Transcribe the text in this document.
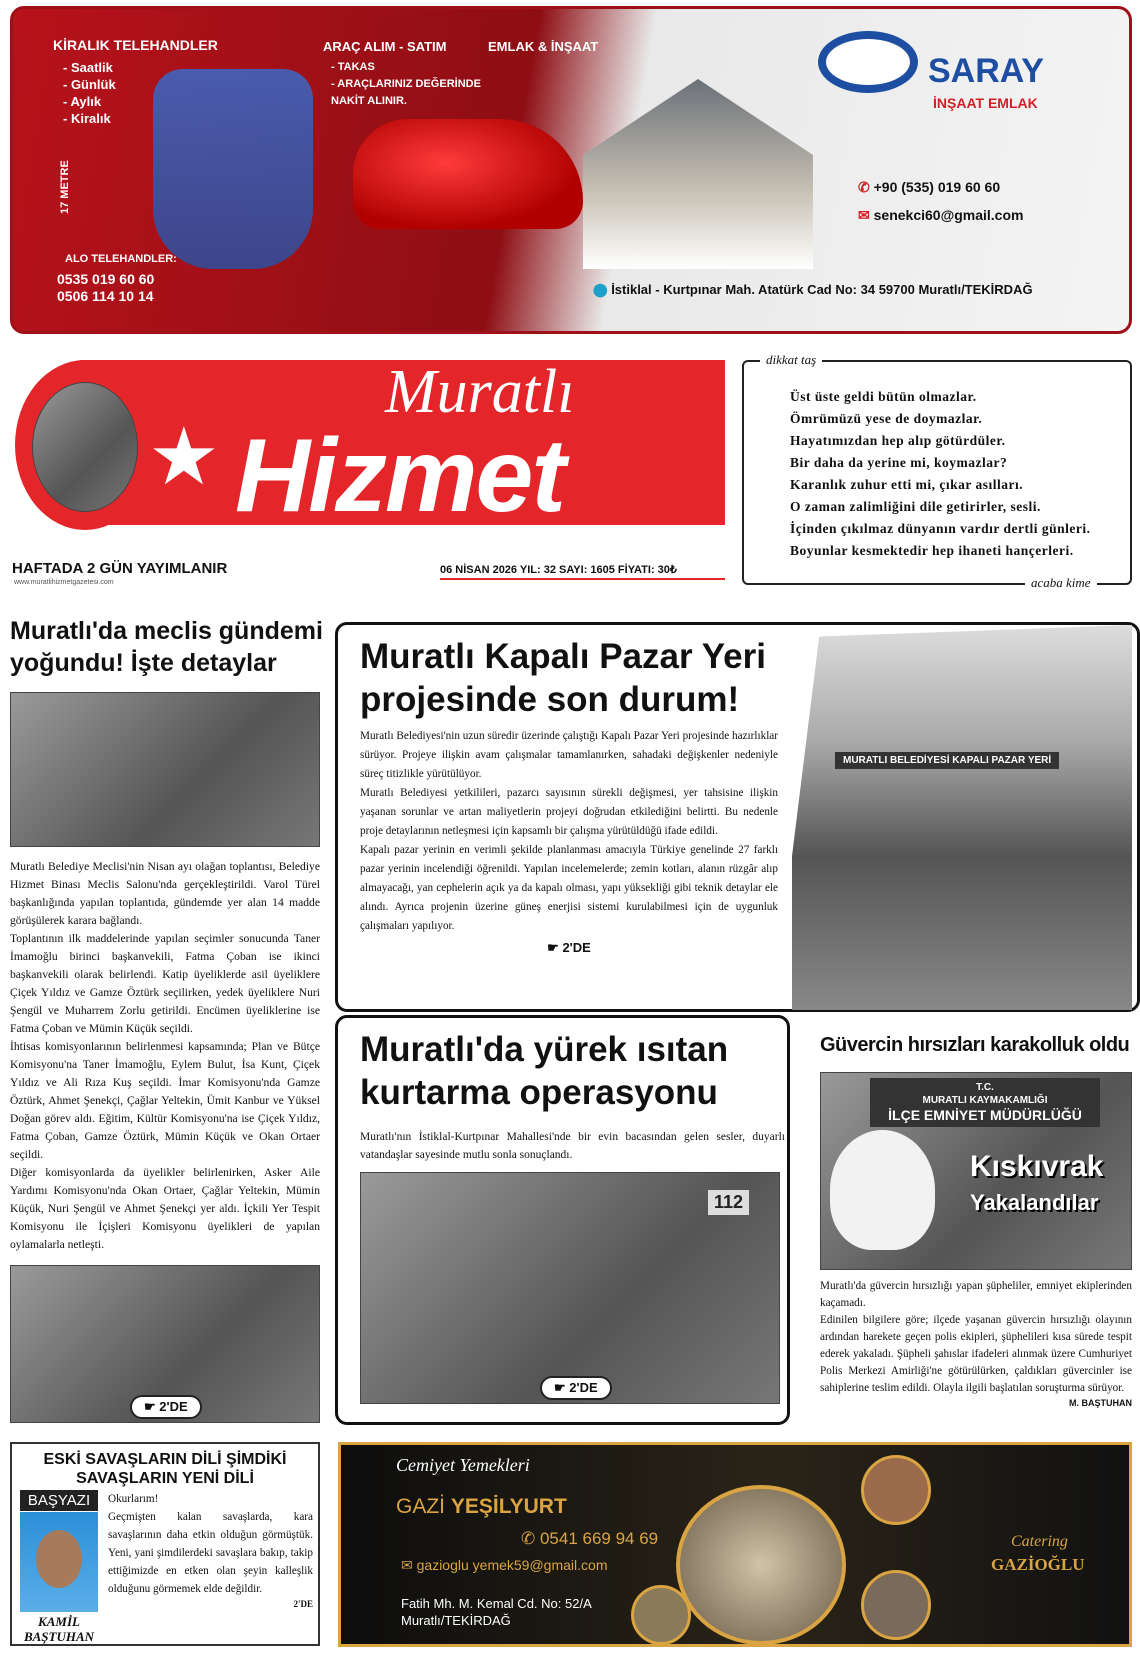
KİRALIK TELEHANDLER
- Saatlik
- Günlük
- Aylık
- Kiralık
17 METRE
ALO TELEHANDLER:
0535 019 60 60
0506 114 10 14
ARAÇ ALIM - SATIM
- TAKAS
- ARAÇLARINIZ DEĞERİNDE
NAKİT ALINIR.
EMLAK & İNŞAAT
SARAY
İNŞAAT EMLAK
✆ +90 (535) 019 60 60
✉ senekci60@gmail.com
⬤ İstiklal - Kurtpınar Mah. Atatürk Cad No: 34 59700 Muratlı/TEKİRDAĞ
★
Muratlı
Hizmet
HAFTADA 2 GÜN YAYIMLANIR
www.muratlihizmetgazetesi.com
06 NİSAN 2026 YIL: 32 SAYI: 1605 FİYATI: 30₺
dikkat taş
Üst üste geldi bütün olmazlar.
Ömrümüzü yese de doymazlar.
Hayatımızdan hep alıp götürdüler.
Bir daha da yerine mi, koymazlar?
Karanlık zuhur etti mi, çıkar asılları.
O zaman zalimliğini dile getirirler, sesli.
İçinden çıkılmaz dünyanın vardır dertli günleri.
Boyunlar kesmektedir hep ihaneti hançerleri.
acaba kime
Muratlı'da meclis gündemi yoğundu! İşte detaylar

Muratlı Belediye Meclisi'nin Nisan ayı olağan toplantısı, Belediye Hizmet Binası Meclis Salonu'nda gerçekleştirildi. Varol Türel başkanlığında yapılan toplantıda, gündemde yer alan 14 madde görüşülerek karara bağlandı.

Toplantının ilk maddelerinde yapılan seçimler sonucunda Taner İmamoğlu birinci başkanvekili, Fatma Çoban ise ikinci başkanvekili olarak belirlendi. Katip üyeliklerde asil üyeliklere Çiçek Yıldız ve Gamze Öztürk seçilirken, yedek üyeliklere Nuri Şengül ve Muharrem Zorlu getirildi. Encümen üyeliklerine ise Fatma Çoban ve Mümin Küçük seçildi.

İhtisas komisyonlarının belirlenmesi kapsamında; Plan ve Bütçe Komisyonu'na Taner İmamoğlu, Eylem Bulut, İsa Kunt, Çiçek Yıldız ve Ali Rıza Kuş seçildi. İmar Komisyonu'nda Gamze Öztürk, Ahmet Şenekçi, Çağlar Yeltekin, Ümit Kanbur ve Yüksel Doğan görev aldı. Eğitim, Kültür Komisyonu'na ise Çiçek Yıldız, Fatma Çoban, Gamze Öztürk, Mümin Küçük ve Okan Ortaer seçildi.

Diğer komisyonlarda da üyelikler belirlenirken, Asker Aile Yardımı Komisyonu'nda Okan Ortaer, Çağlar Yeltekin, Mümin Küçük, Nuri Şengül ve Ahmet Şenekçi yer aldı. İçkili Yer Tespit Komisyonu ile İçişleri Komisyonu üyelikleri de yapılan oylamalarla netleşti.

☛ 2'DE
Muratlı Kapalı Pazar Yeri projesinde son durum!

Muratlı Belediyesi'nin uzun süredir üzerinde çalıştığı Kapalı Pazar Yeri projesinde hazırlıklar sürüyor. Projeye ilişkin avam çalışmalar tamamlanırken, sahadaki değişkenler nedeniyle süreç titizlikle yürütülüyor.

Muratlı Belediyesi yetkilileri, pazarcı sayısının sürekli değişmesi, yer tahsisine ilişkin yaşanan sorunlar ve artan maliyetlerin projeyi doğrudan etkilediğini belirtti. Bu nedenle proje detaylarının netleşmesi için kapsamlı bir çalışma yürütüldüğü ifade edildi.

Kapalı pazar yerinin en verimli şekilde planlanması amacıyla Türkiye genelinde 27 farklı pazar yerinin incelendiği öğrenildi. Yapılan incelemelerde; zemin kotları, alanın rüzgâr alıp almayacağı, yan cephelerin açık ya da kapalı olması, yapı yüksekliği gibi teknik detaylar ele alındı. Ayrıca projenin üzerine güneş enerjisi sistemi kurulabilmesi için de uygunluk çalışmaları yapılıyor.

☛ 2'DE
MURATLI BELEDİYESİ KAPALI PAZAR YERİ
Muratlı'da yürek ısıtan kurtarma operasyonu
Muratlı'nın İstiklal-Kurtpınar Mahallesi'nde bir evin bacasından gelen sesler, duyarlı vatandaşlar sayesinde mutlu sonla sonuçlandı.
112
☛ 2'DE
Güvercin hırsızları karakolluk oldu
T.C.
MURATLI KAYMAKAMLIĞI
İLÇE EMNİYET MÜDÜRLÜĞÜ
Kıskıvrak
Yakalandılar

Muratlı'da güvercin hırsızlığı yapan şüpheliler, emniyet ekiplerinden kaçamadı.

Edinilen bilgilere göre; ilçede yaşanan güvercin hırsızlığı olayının ardından harekete geçen polis ekipleri, şüphelileri kısa sürede tespit ederek yakaladı. Şüpheli şahıslar ifadeleri alınmak üzere Cumhuriyet Polis Merkezi Amirliği'ne götürülürken, çaldıkları güvercinler ise sahiplerine teslim edildi. Olayla ilgili başlatılan soruşturma sürüyor.

M. BAŞTUHAN
ESKİ SAVAŞLARIN DİLİ ŞİMDİKİ SAVAŞLARIN YENİ DİLİ
BAŞYAZI
KAMİL
BAŞTUHAN
Okurlarım!
Geçmişten kalan savaşlarda, kara savaşlarının daha etkin olduğun görmüştük. Yeni, yani şimdilerdeki savaşlara bakıp, takip ettiğimizde en etken olan şeyin kalleşlik olduğunu görmemek elde değildir.
2'DE
Cemiyet Yemekleri
GAZİ YEŞİLYURT
✆ 0541 669 94 69
✉ gazioglu yemek59@gmail.com
Fatih Mh. M. Kemal Cd. No: 52/A
Muratlı/TEKİRDAĞ
Catering
GAZİOĞLU
